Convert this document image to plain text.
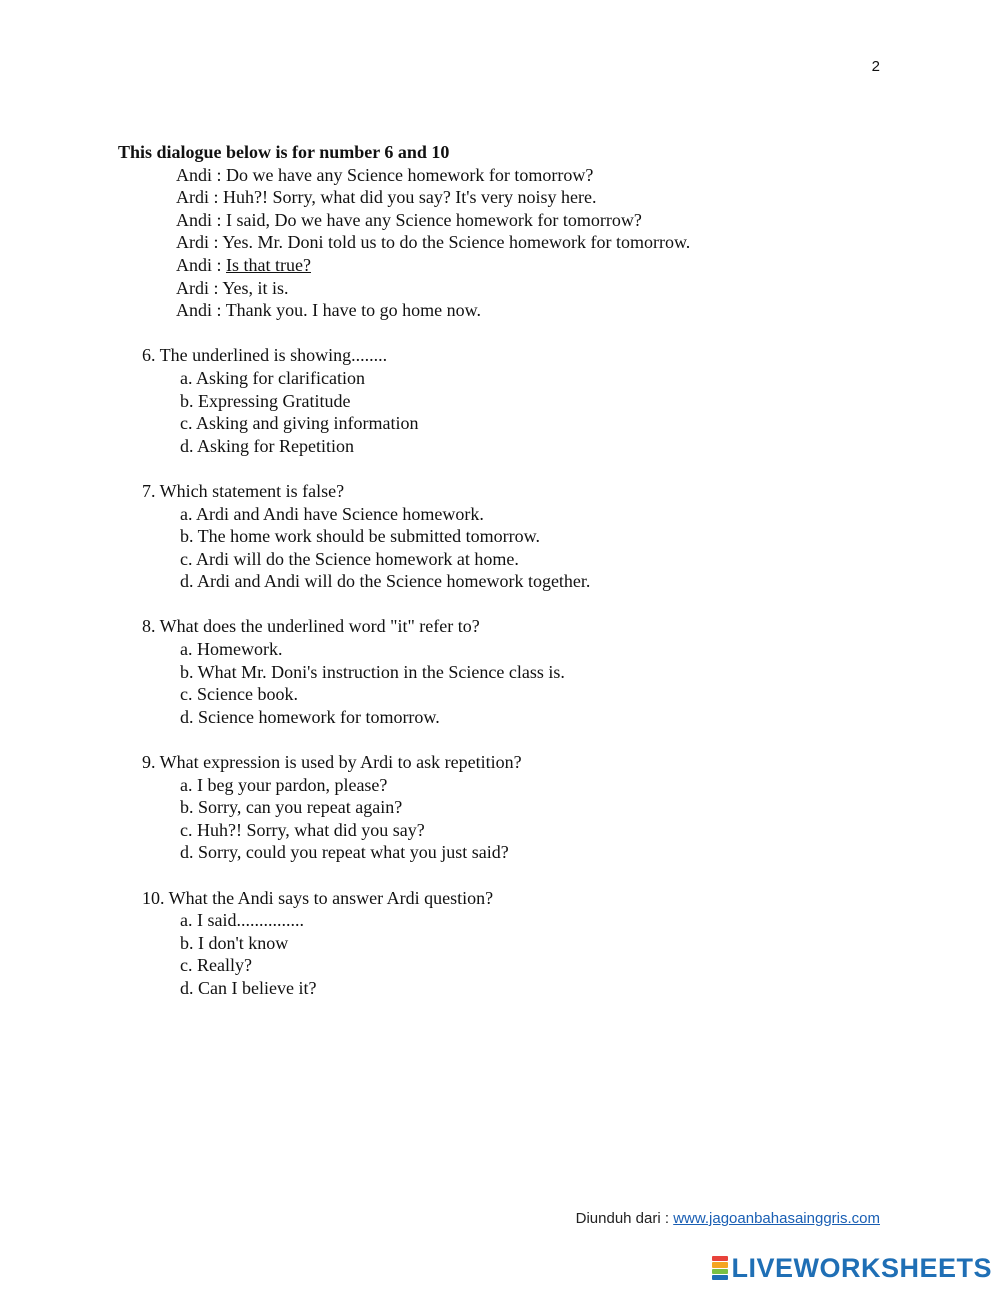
2

This dialogue below is for number 6 and 10

Andi : Do we have any Science homework for tomorrow?
Ardi : Huh?! Sorry, what did you say? It's very noisy here.
Andi : I said, Do we have any Science homework for tomorrow?
Ardi : Yes. Mr. Doni told us to do the Science homework for tomorrow.
Andi : Is that true?
Ardi : Yes, it is.
Andi : Thank you. I have to go home now.

6. The underlined is showing........

a. Asking for clarification
b. Expressing Gratitude
c. Asking and giving information
d. Asking for Repetition

7. Which statement is false?

a. Ardi and Andi have Science homework.
b. The home work should be submitted tomorrow.
c. Ardi will do the Science homework at home.
d. Ardi and Andi will do the Science homework together.

8. What does the underlined word "it" refer to?

a. Homework.
b. What Mr. Doni's instruction in the Science class is.
c. Science book.
d. Science homework for tomorrow.

9. What expression is used by Ardi to ask repetition?

a. I beg your pardon, please?
b. Sorry, can you repeat again?
c. Huh?! Sorry, what did you say?
d. Sorry, could you repeat what you just said?

10. What the Andi says to answer Ardi question?

a. I said...............
b. I don't know
c. Really?
d. Can I believe it?
Diunduh dari : www.jagoanbahasainggris.com
LIVEWORKSHEETS
